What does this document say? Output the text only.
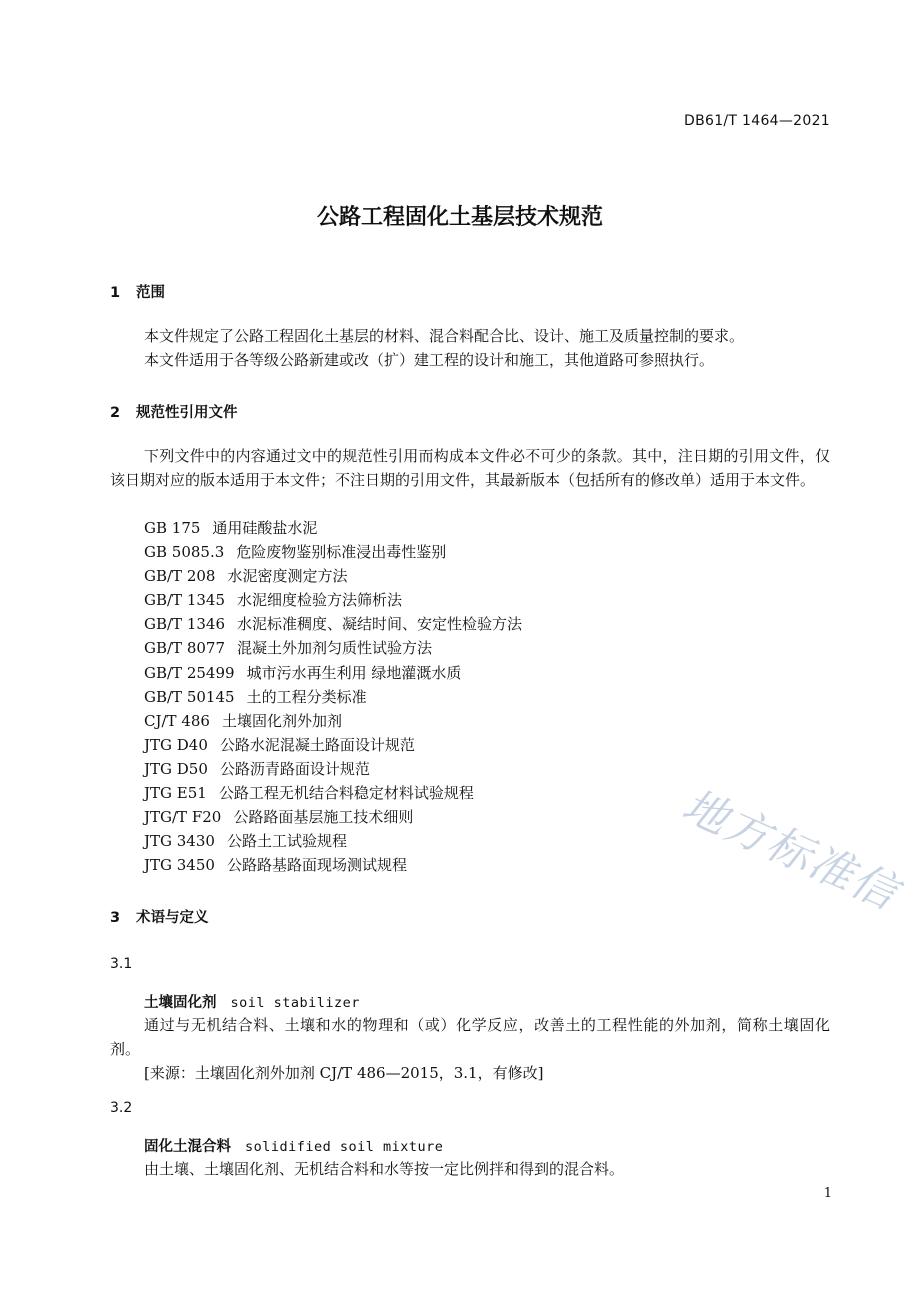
DB61/T 1464—2021
公路工程固化土基层技术规范
1 范围
本文件规定了公路工程固化土基层的材料、混合料配合比、设计、施工及质量控制的要求。
本文件适用于各等级公路新建或改（扩）建工程的设计和施工，其他道路可参照执行。
2 规范性引用文件
下列文件中的内容通过文中的规范性引用而构成本文件必不可少的条款。其中，注日期的引用文件，仅该日期对应的版本适用于本文件；不注日期的引用文件，其最新版本（包括所有的修改单）适用于本文件。
GB 175 通用硅酸盐水泥
GB 5085.3 危险废物鉴别标准浸出毒性鉴别
GB/T 208 水泥密度测定方法
GB/T 1345 水泥细度检验方法筛析法
GB/T 1346 水泥标准稠度、凝结时间、安定性检验方法
GB/T 8077 混凝土外加剂匀质性试验方法
GB/T 25499 城市污水再生利用 绿地灌溉水质
GB/T 50145 土的工程分类标准
CJ/T 486 土壤固化剂外加剂
JTG D40 公路水泥混凝土路面设计规范
JTG D50 公路沥青路面设计规范
JTG E51 公路工程无机结合料稳定材料试验规程
JTG/T F20 公路路面基层施工技术细则
JTG 3430 公路土工试验规程
JTG 3450 公路路基路面现场测试规程
3 术语与定义
3.1
土壤固化剂 soil stabilizer
通过与无机结合料、土壤和水的物理和（或）化学反应，改善土的工程性能的外加剂，简称土壤固化剂。
[来源：土壤固化剂外加剂 CJ/T 486—2015，3.1，有修改]
3.2
固化土混合料 solidified soil mixture
由土壤、土壤固化剂、无机结合料和水等按一定比例拌和得到的混合料。
1
地方标准信
